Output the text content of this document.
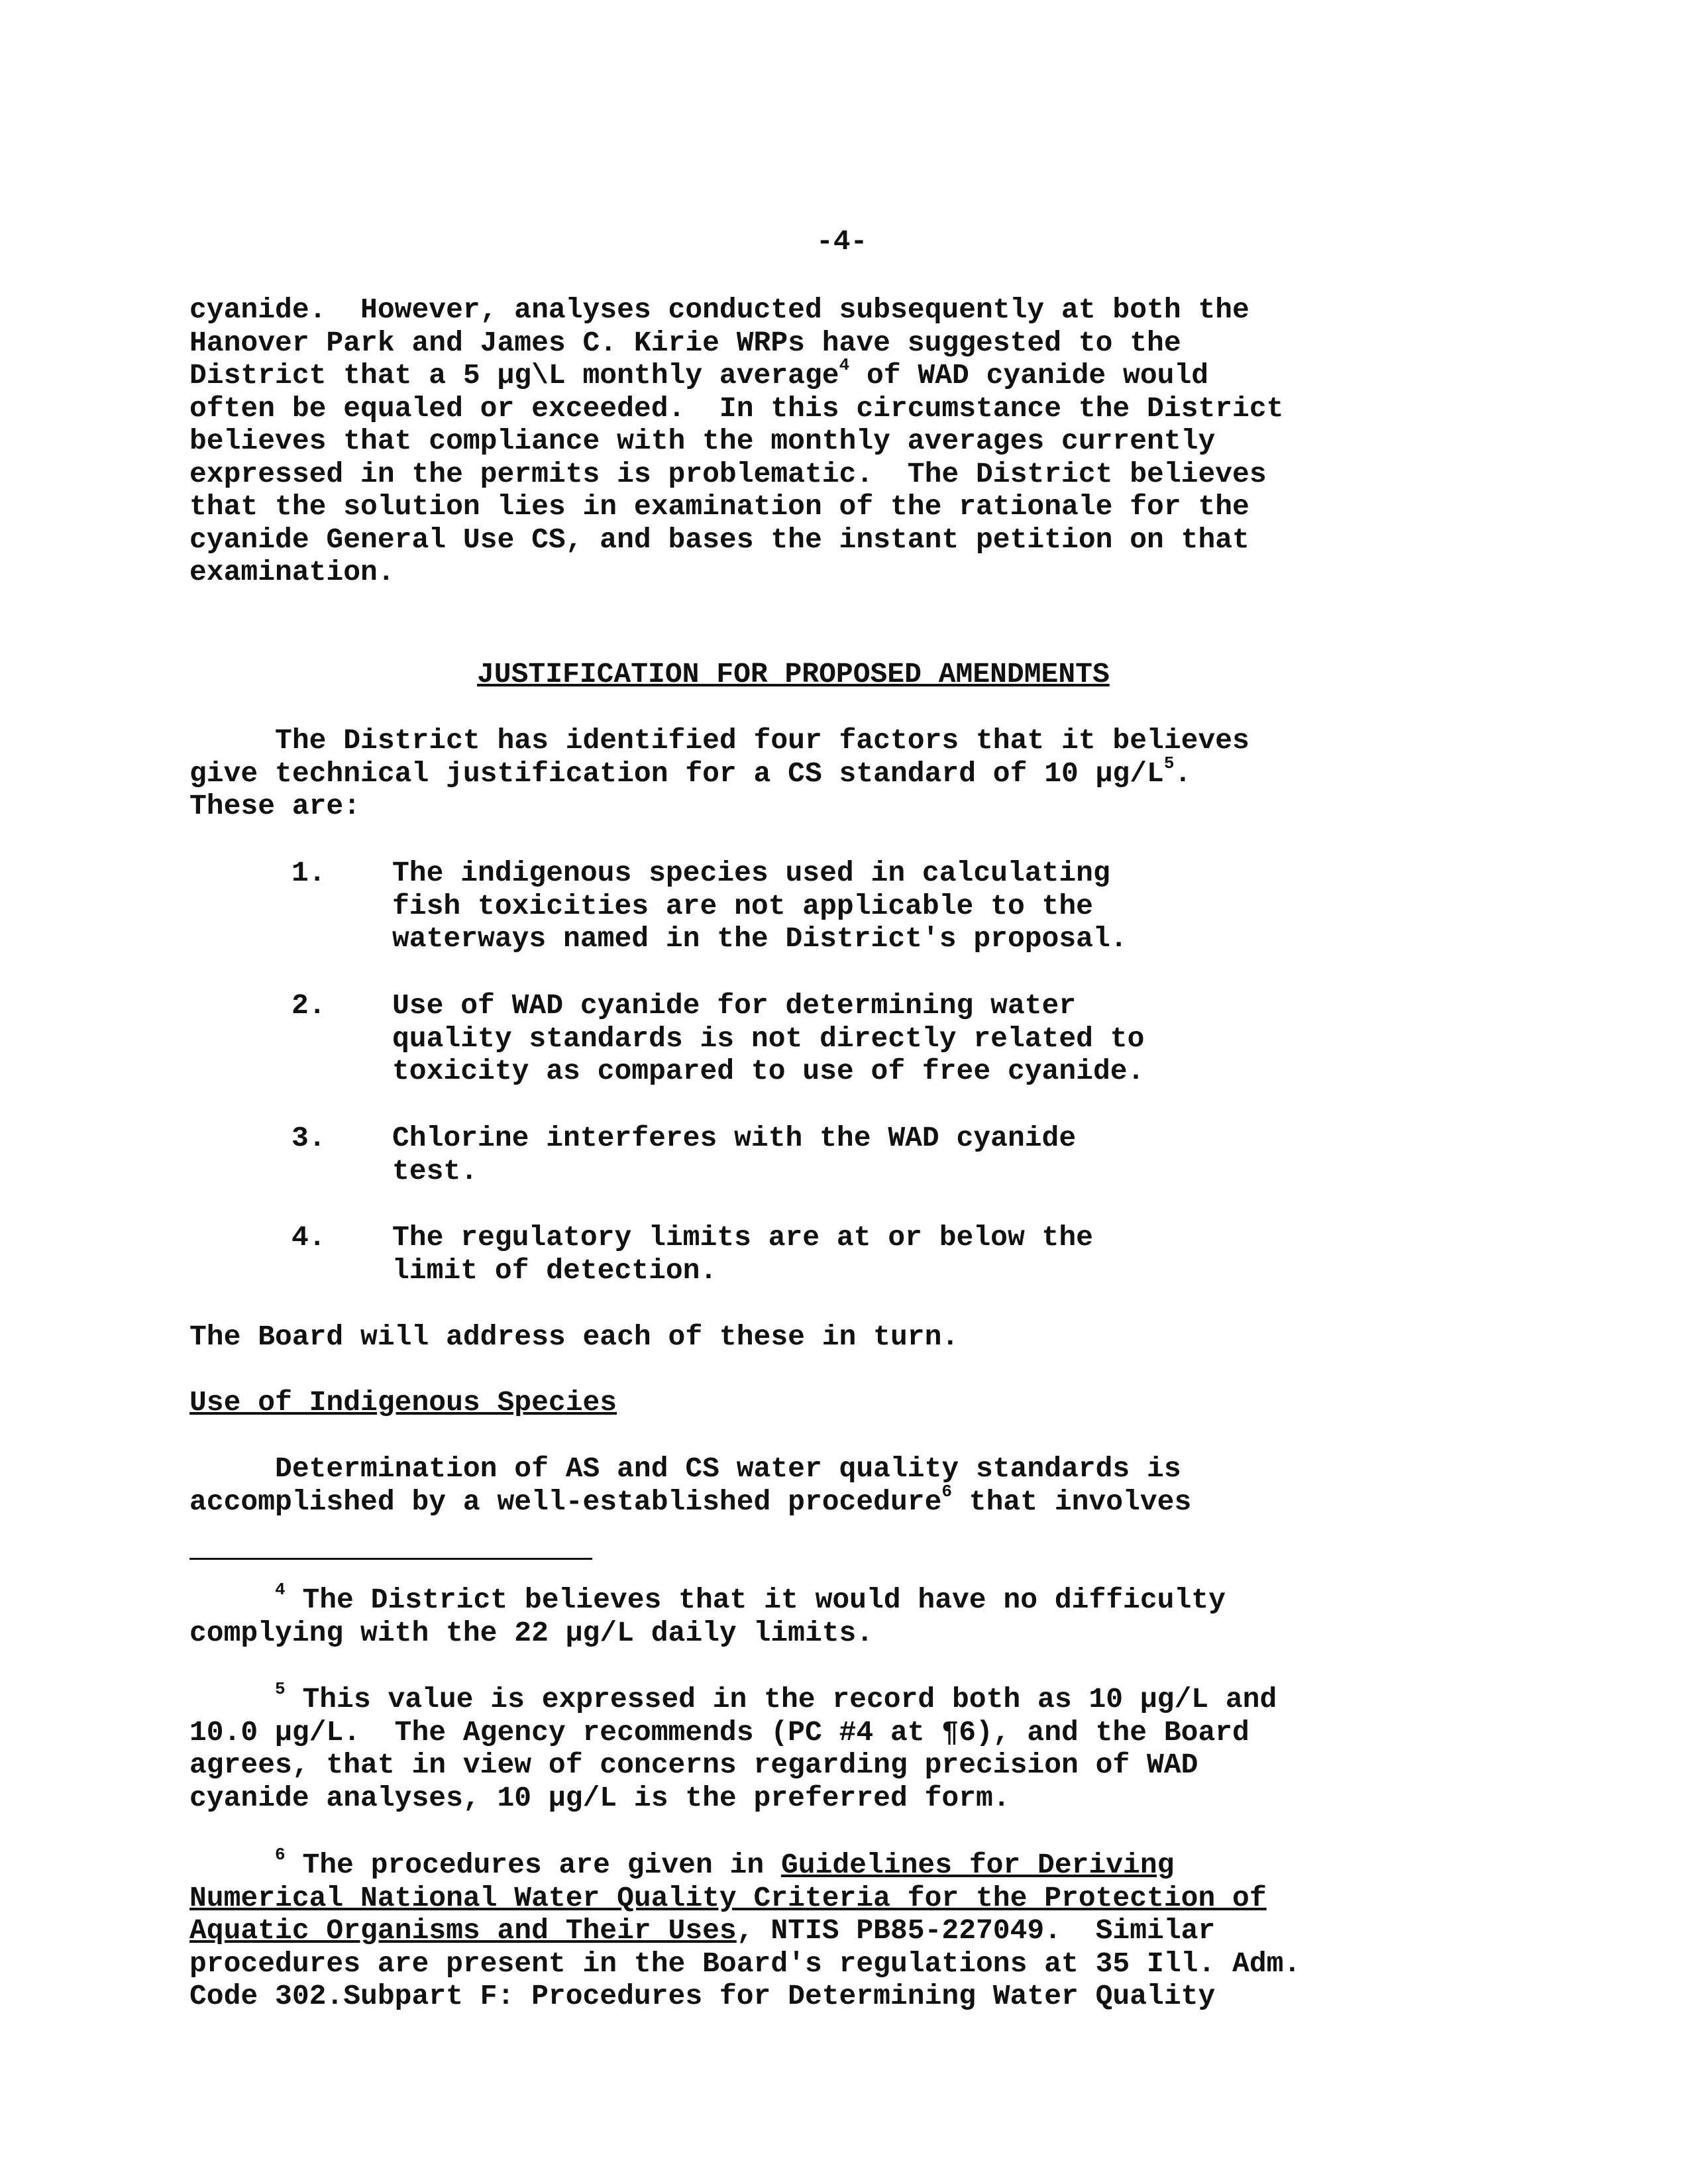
-4-

cyanide.  However, analyses conducted subsequently at both the
Hanover Park and James C. Kirie WRPs have suggested to the
District that a 5 μg\L monthly average$^4$ of WAD cyanide would
often be equaled or exceeded.  In this circumstance the District
believes that compliance with the monthly averages currently
expressed in the permits is problematic.  The District believes
that the solution lies in examination of the rationale for the
cyanide General Use CS, and bases the instant petition on that
examination.

JUSTIFICATION FOR PROPOSED AMENDMENTS

The District has identified four factors that it believes
give technical justification for a CS standard of 10 $\mu g/L^5$.
These are:
1. The indigenous species used in calculating
fish toxicities are not applicable to the
waterways named in the District's proposal.
2. Use of WAD cyanide for determining water
quality standards is not directly related to
toxicity as compared to use of free cyanide.
3. Chlorine interferes with the WAD cyanide
test.
4. The regulatory limits are at or below the
limit of detection.
The Board will address each of these in turn.
Use of Indigenous Species
Determination of AS and CS water quality standards is
accomplished by a well-established procedure$^6$ that involves
$^4$ The District believes that it would have no difficulty
complying with the 22 μg/L daily limits.
$^5$ This value is expressed in the record both as 10 μg/L and
10.0 μg/L.  The Agency recommends (PC #4 at ¶6), and the Board
agrees, that in view of concerns regarding precision of WAD
cyanide analyses, 10 μg/L is the preferred form.
$^6$ The procedures are given in Guidelines for Deriving
Numerical National Water Quality Criteria for the Protection of
Aquatic Organisms and Their Uses, NTIS PB85-227049.  Similar
procedures are present in the Board's regulations at 35 Ill. Adm.
Code 302.Subpart F: Procedures for Determining Water Quality
